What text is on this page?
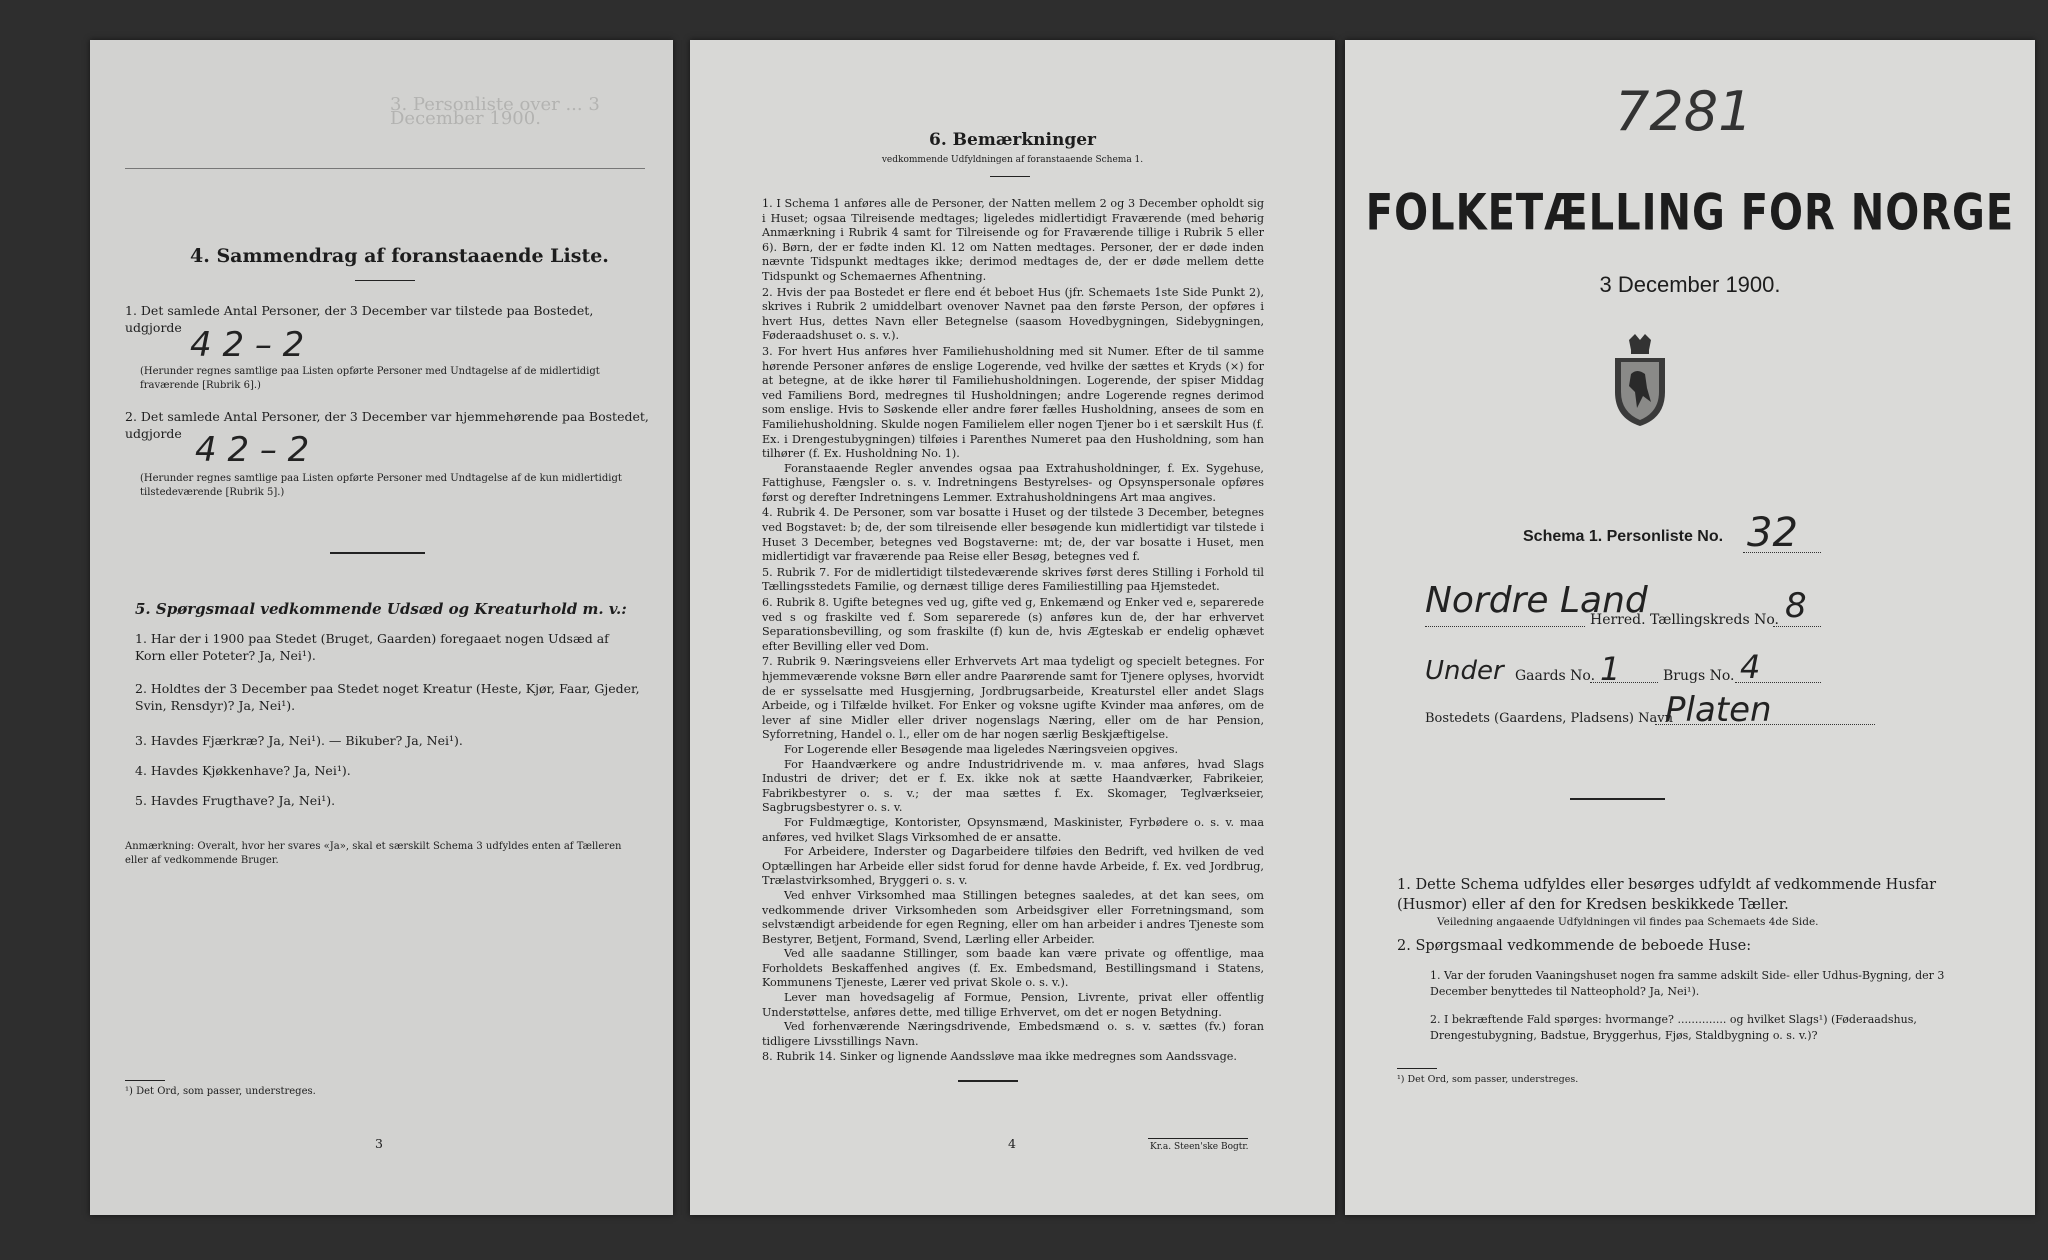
3. Personliste over ... 3 December 1900.
4. Sammendrag af foranstaaende Liste.
1. Det samlede Antal Personer, der 3 December var tilstede paa Bostedet, udgjorde 4 2 – 2
(Herunder regnes samtlige paa Listen opførte Personer med Undtagelse af de midlertidigt fraværende [Rubrik 6].)
2. Det samlede Antal Personer, der 3 December var hjemmehørende paa Bostedet, udgjorde 4 2 – 2
(Herunder regnes samtlige paa Listen opførte Personer med Undtagelse af de kun midlertidigt tilstedeværende [Rubrik 5].)
5. Spørgsmaal vedkommende Udsæd og Kreaturhold m. v.:
1. Har der i 1900 paa Stedet (Bruget, Gaarden) foregaaet nogen Udsæd af Korn eller Poteter? Ja, Nei¹).
2. Holdtes der 3 December paa Stedet noget Kreatur (Heste, Kjør, Faar, Gjeder, Svin, Rensdyr)? Ja, Nei¹).
3. Havdes Fjærkræ? Ja, Nei¹). — Bikuber? Ja, Nei¹).
4. Havdes Kjøkkenhave? Ja, Nei¹).
5. Havdes Frugthave? Ja, Nei¹).
Anmærkning: Overalt, hvor her svares «Ja», skal et særskilt Schema 3 udfyldes enten af Tælleren eller af vedkommende Bruger.
¹) Det Ord, som passer, understreges.
3
6. Bemærkninger
vedkommende Udfyldningen af foranstaaende Schema 1.

1. I Schema 1 anføres alle de Personer, der Natten mellem 2 og 3 December opholdt sig i Huset; ogsaa Tilreisende medtages; ligeledes midlertidigt Fraværende (med behørig Anmærkning i Rubrik 4 samt for Tilreisende og for Fraværende tillige i Rubrik 5 eller 6). Børn, der er fødte inden Kl. 12 om Natten medtages. Personer, der er døde inden nævnte Tidspunkt medtages ikke; derimod medtages de, der er døde mellem dette Tidspunkt og Schemaernes Afhentning.

2. Hvis der paa Bostedet er flere end ét beboet Hus (jfr. Schemaets 1ste Side Punkt 2), skrives i Rubrik 2 umiddelbart ovenover Navnet paa den første Person, der opføres i hvert Hus, dettes Navn eller Betegnelse (saasom Hovedbygningen, Sidebygningen, Føderaadshuset o. s. v.).

3. For hvert Hus anføres hver Familiehusholdning med sit Numer. Efter de til samme hørende Personer anføres de enslige Logerende, ved hvilke der sættes et Kryds (×) for at betegne, at de ikke hører til Familiehusholdningen. Logerende, der spiser Middag ved Familiens Bord, medregnes til Husholdningen; andre Logerende regnes derimod som enslige. Hvis to Søskende eller andre fører fælles Husholdning, ansees de som en Familiehusholdning. Skulde nogen Familielem eller nogen Tjener bo i et særskilt Hus (f. Ex. i Drengestubygningen) tilføies i Parenthes Numeret paa den Husholdning, som han tilhører (f. Ex. Husholdning No. 1).

Foranstaaende Regler anvendes ogsaa paa Extrahusholdninger, f. Ex. Sygehuse, Fattighuse, Fængsler o. s. v. Indretningens Bestyrelses- og Opsynspersonale opføres først og derefter Indretningens Lemmer. Extrahusholdningens Art maa angives.

4. Rubrik 4. De Personer, som var bosatte i Huset og der tilstede 3 December, betegnes ved Bogstavet: b; de, der som tilreisende eller besøgende kun midlertidigt var tilstede i Huset 3 December, betegnes ved Bogstaverne: mt; de, der var bosatte i Huset, men midlertidigt var fraværende paa Reise eller Besøg, betegnes ved f.

5. Rubrik 7. For de midlertidigt tilstedeværende skrives først deres Stilling i Forhold til Tællingsstedets Familie, og dernæst tillige deres Familiestilling paa Hjemstedet.

6. Rubrik 8. Ugifte betegnes ved ug, gifte ved g, Enkemænd og Enker ved e, separerede ved s og fraskilte ved f. Som separerede (s) anføres kun de, der har erhvervet Separationsbevilling, og som fraskilte (f) kun de, hvis Ægteskab er endelig ophævet efter Bevilling eller ved Dom.

7. Rubrik 9. Næringsveiens eller Erhvervets Art maa tydeligt og specielt betegnes. For hjemmeværende voksne Børn eller andre Paarørende samt for Tjenere oplyses, hvorvidt de er sysselsatte med Husgjerning, Jordbrugsarbeide, Kreaturstel eller andet Slags Arbeide, og i Tilfælde hvilket. For Enker og voksne ugifte Kvinder maa anføres, om de lever af sine Midler eller driver nogenslags Næring, eller om de har Pension, Syforretning, Handel o. l., eller om de har nogen særlig Beskjæftigelse.

For Logerende eller Besøgende maa ligeledes Næringsveien opgives.

For Haandværkere og andre Industridrivende m. v. maa anføres, hvad Slags Industri de driver; det er f. Ex. ikke nok at sætte Haandværker, Fabrikeier, Fabrikbestyrer o. s. v.; der maa sættes f. Ex. Skomager, Teglværkseier, Sagbrugsbestyrer o. s. v.

For Fuldmægtige, Kontorister, Opsynsmænd, Maskinister, Fyrbødere o. s. v. maa anføres, ved hvilket Slags Virksomhed de er ansatte.

For Arbeidere, Inderster og Dagarbeidere tilføies den Bedrift, ved hvilken de ved Optællingen har Arbeide eller sidst forud for denne havde Arbeide, f. Ex. ved Jordbrug, Trælastvirksomhed, Bryggeri o. s. v.

Ved enhver Virksomhed maa Stillingen betegnes saaledes, at det kan sees, om vedkommende driver Virksomheden som Arbeidsgiver eller Forretningsmand, som selvstændigt arbeidende for egen Regning, eller om han arbeider i andres Tjeneste som Bestyrer, Betjent, Formand, Svend, Lærling eller Arbeider.

Ved alle saadanne Stillinger, som baade kan være private og offentlige, maa Forholdets Beskaffenhed angives (f. Ex. Embedsmand, Bestillingsmand i Statens, Kommunens Tjeneste, Lærer ved privat Skole o. s. v.).

Lever man hovedsagelig af Formue, Pension, Livrente, privat eller offentlig Understøttelse, anføres dette, med tillige Erhvervet, om det er nogen Betydning.

Ved forhenværende Næringsdrivende, Embedsmænd o. s. v. sættes (fv.) foran tidligere Livsstillings Navn.

8. Rubrik 14. Sinker og lignende Aandssløve maa ikke medregnes som Aandssvage.

4	Kr.a. Steen'ske Bogtr.
7281
FOLKETÆLLING FOR NORGE
3 December 1900.
Schema 1. Personliste No. 32
Nordre Land
Herred. Tællingskreds No. 8
Under Gaards No. 1	Brugs No. 4
Bostedets (Gaardens, Pladsens) Navn
Platen
1. Dette Schema udfyldes eller besørges udfyldt af vedkommende Husfar (Husmor) eller af den for Kredsen beskikkede Tæller.
Veiledning angaaende Udfyldningen vil findes paa Schemaets 4de Side.
2. Spørgsmaal vedkommende de beboede Huse:
1. Var der foruden Vaaningshuset nogen fra samme adskilt Side- eller Udhus-Bygning, der 3 December benyttedes til Natteophold? Ja, Nei¹).
2. I bekræftende Fald spørges: hvormange? .............. og hvilket Slags¹) (Føderaadshus, Drengestubygning, Badstue, Bryggerhus, Fjøs, Staldbygning o. s. v.)?
¹) Det Ord, som passer, understreges.
